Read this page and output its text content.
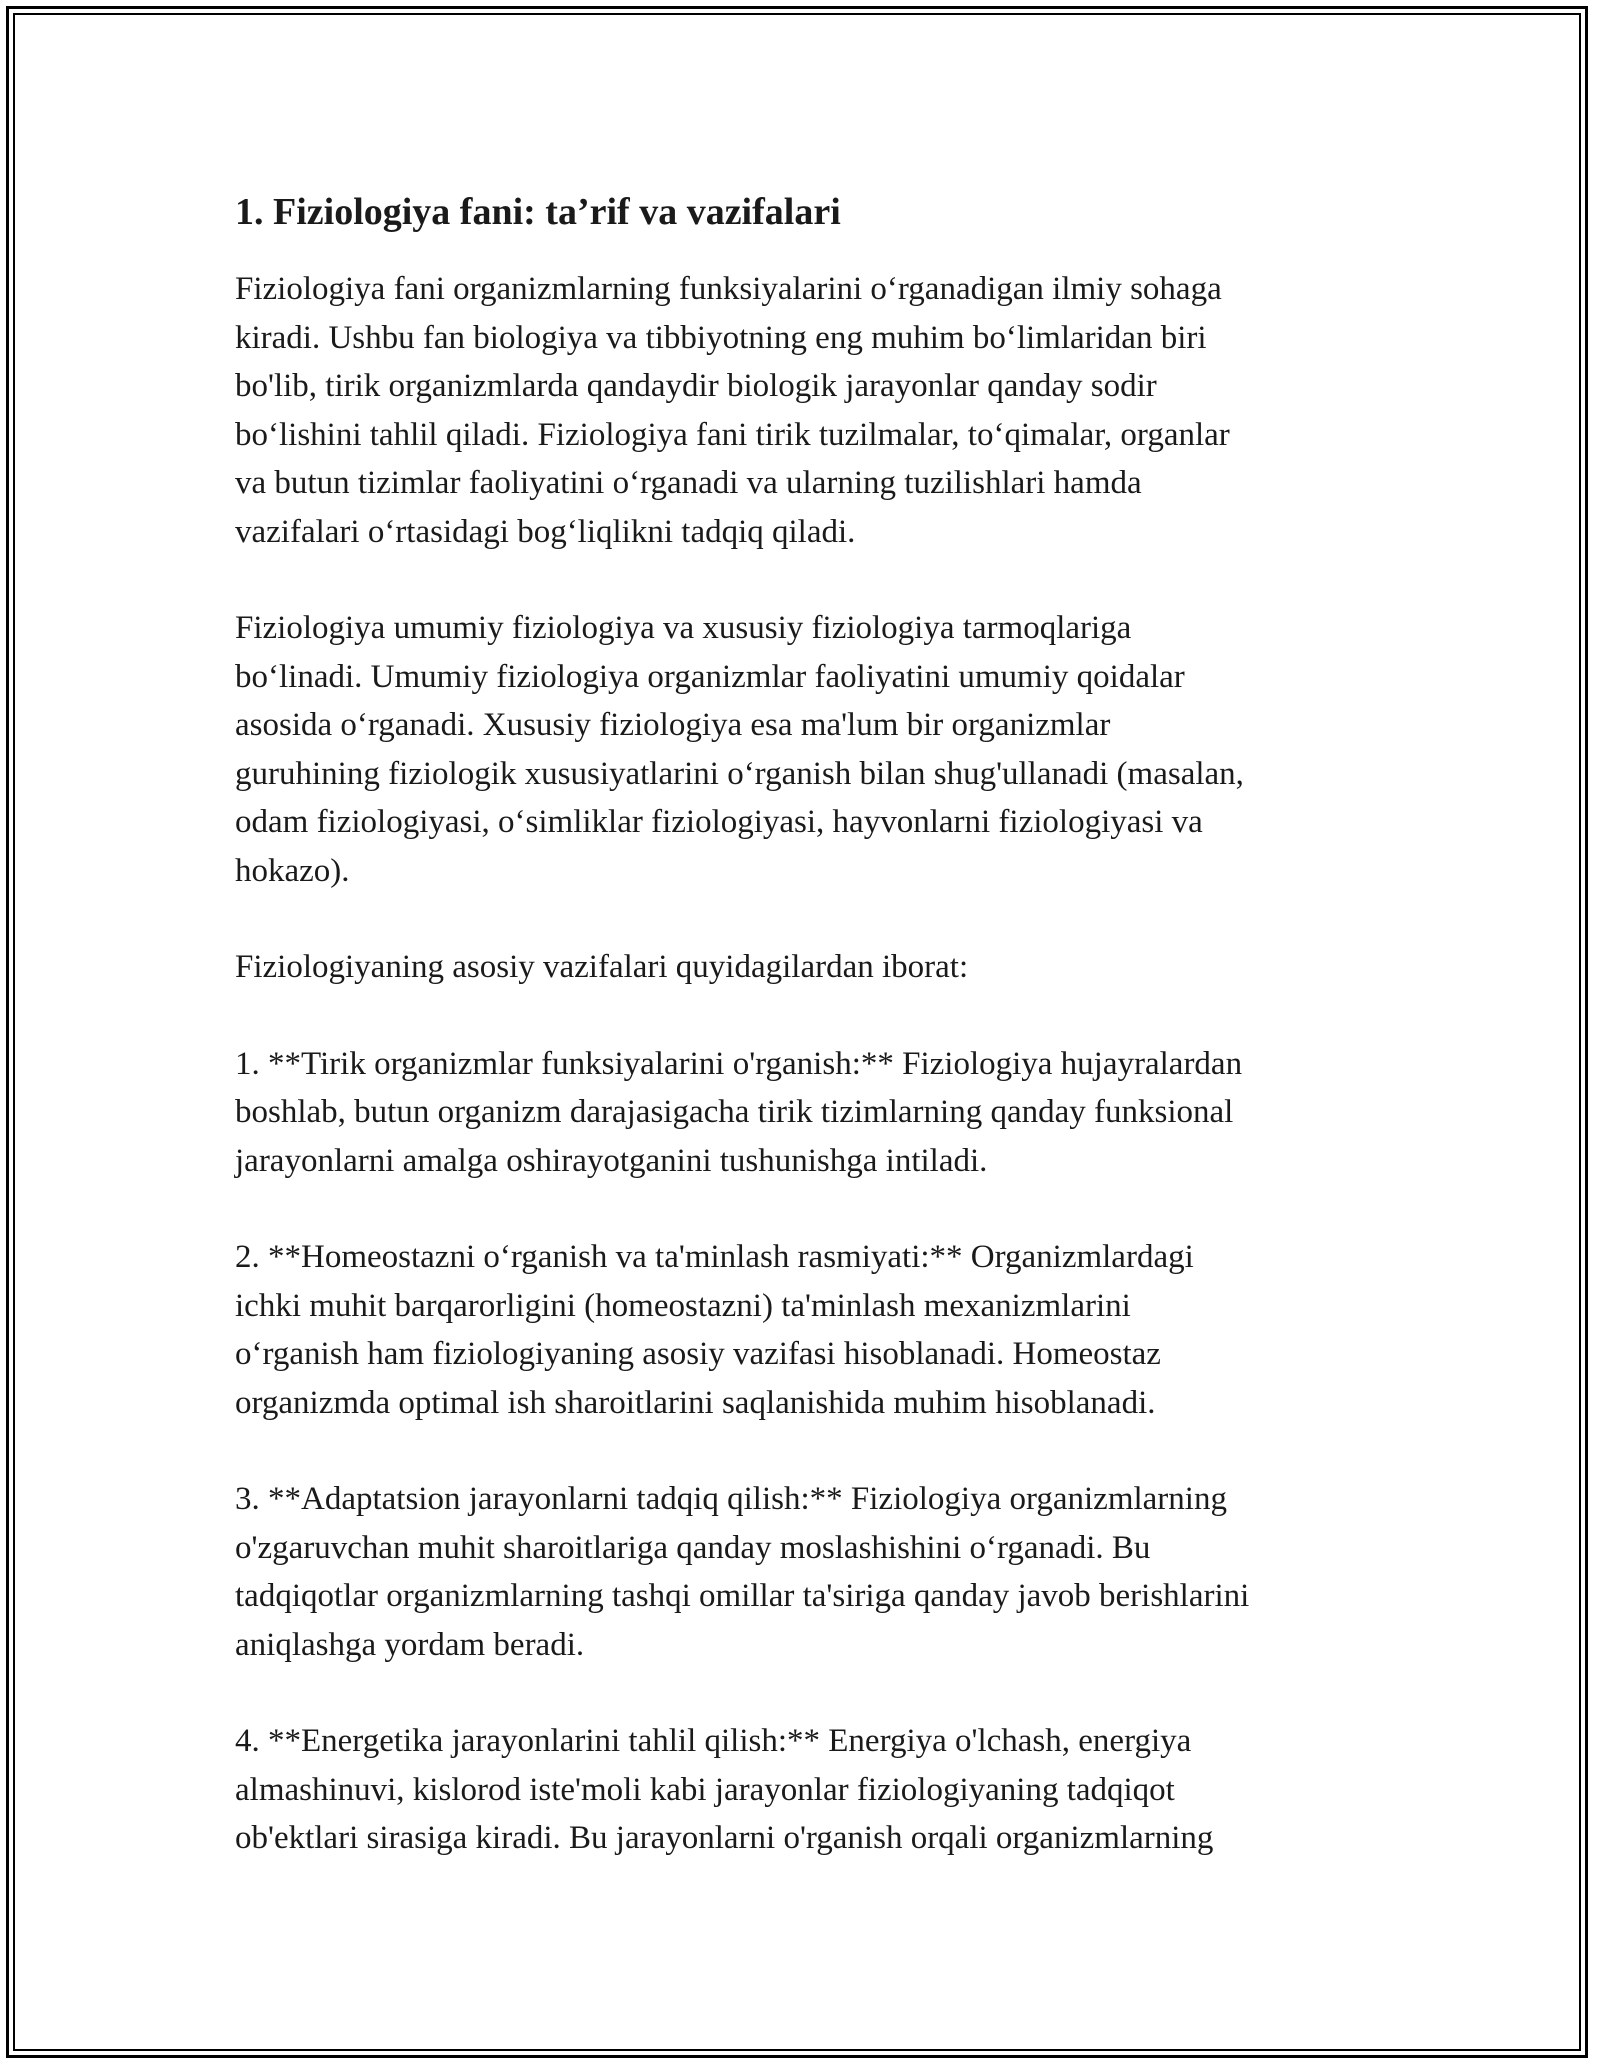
1. Fiziologiya fani: ta’rif va vazifalari

Fiziologiya fani organizmlarning funksiyalarini o‘rganadigan ilmiy sohaga
kiradi. Ushbu fan biologiya va tibbiyotning eng muhim bo‘limlaridan biri
bo'lib, tirik organizmlarda qandaydir biologik jarayonlar qanday sodir
bo‘lishini tahlil qiladi. Fiziologiya fani tirik tuzilmalar, to‘qimalar, organlar
va butun tizimlar faoliyatini o‘rganadi va ularning tuzilishlari hamda
vazifalari o‘rtasidagi bog‘liqlikni tadqiq qiladi.

Fiziologiya umumiy fiziologiya va xususiy fiziologiya tarmoqlariga
bo‘linadi. Umumiy fiziologiya organizmlar faoliyatini umumiy qoidalar
asosida o‘rganadi. Xususiy fiziologiya esa ma'lum bir organizmlar
guruhining fiziologik xususiyatlarini o‘rganish bilan shug'ullanadi (masalan,
odam fiziologiyasi, o‘simliklar fiziologiyasi, hayvonlarni fiziologiyasi va
hokazo).

Fiziologiyaning asosiy vazifalari quyidagilardan iborat:

1. **Tirik organizmlar funksiyalarini o'rganish:** Fiziologiya hujayralardan
boshlab, butun organizm darajasigacha tirik tizimlarning qanday funksional
jarayonlarni amalga oshirayotganini tushunishga intiladi.

2. **Homeostazni o‘rganish va ta'minlash rasmiyati:** Organizmlardagi
ichki muhit barqarorligini (homeostazni) ta'minlash mexanizmlarini
o‘rganish ham fiziologiyaning asosiy vazifasi hisoblanadi. Homeostaz
organizmda optimal ish sharoitlarini saqlanishida muhim hisoblanadi.

3. **Adaptatsion jarayonlarni tadqiq qilish:** Fiziologiya organizmlarning
o'zgaruvchan muhit sharoitlariga qanday moslashishini o‘rganadi. Bu
tadqiqotlar organizmlarning tashqi omillar ta'siriga qanday javob berishlarini
aniqlashga yordam beradi.

4. **Energetika jarayonlarini tahlil qilish:** Energiya o'lchash, energiya
almashinuvi, kislorod iste'moli kabi jarayonlar fiziologiyaning tadqiqot
ob'ektlari sirasiga kiradi. Bu jarayonlarni o'rganish orqali organizmlarning
